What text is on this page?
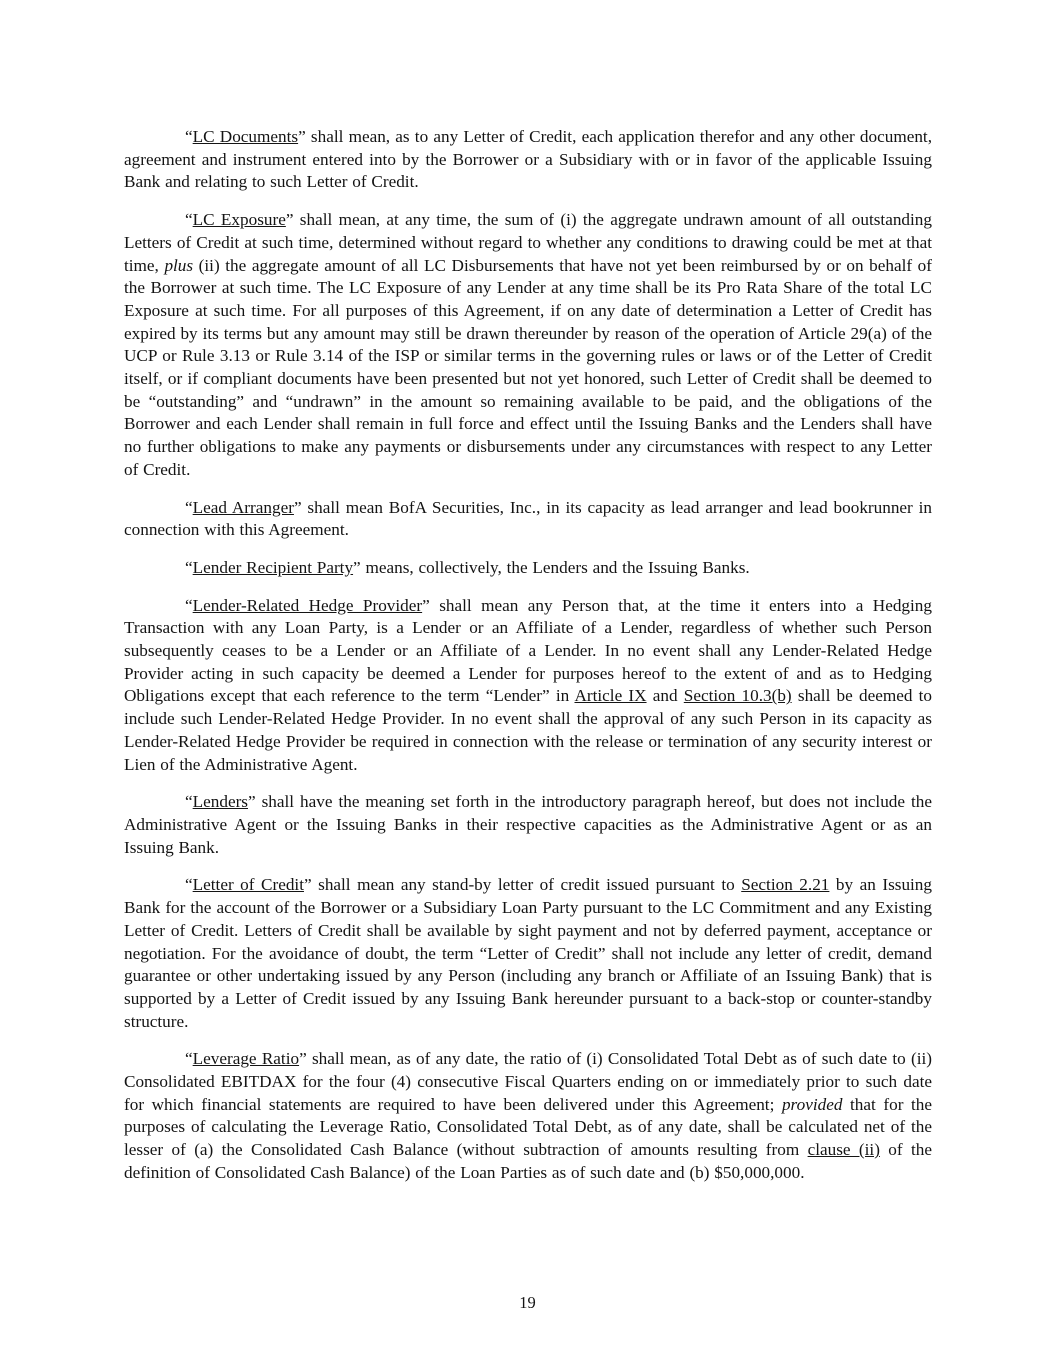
“LC Documents” shall mean, as to any Letter of Credit, each application therefor and any other document, agreement and instrument entered into by the Borrower or a Subsidiary with or in favor of the applicable Issuing Bank and relating to such Letter of Credit.

“LC Exposure” shall mean, at any time, the sum of (i) the aggregate undrawn amount of all outstanding Letters of Credit at such time, determined without regard to whether any conditions to drawing could be met at that time, plus (ii) the aggregate amount of all LC Disbursements that have not yet been reimbursed by or on behalf of the Borrower at such time. The LC Exposure of any Lender at any time shall be its Pro Rata Share of the total LC Exposure at such time. For all purposes of this Agreement, if on any date of determination a Letter of Credit has expired by its terms but any amount may still be drawn thereunder by reason of the operation of Article 29(a) of the UCP or Rule 3.13 or Rule 3.14 of the ISP or similar terms in the governing rules or laws or of the Letter of Credit itself, or if compliant documents have been presented but not yet honored, such Letter of Credit shall be deemed to be “outstanding” and “undrawn” in the amount so remaining available to be paid, and the obligations of the Borrower and each Lender shall remain in full force and effect until the Issuing Banks and the Lenders shall have no further obligations to make any payments or disbursements under any circumstances with respect to any Letter of Credit.

“Lead Arranger” shall mean BofA Securities, Inc., in its capacity as lead arranger and lead bookrunner in connection with this Agreement.

“Lender Recipient Party” means, collectively, the Lenders and the Issuing Banks.

“Lender-Related Hedge Provider” shall mean any Person that, at the time it enters into a Hedging Transaction with any Loan Party, is a Lender or an Affiliate of a Lender, regardless of whether such Person subsequently ceases to be a Lender or an Affiliate of a Lender. In no event shall any Lender-Related Hedge Provider acting in such capacity be deemed a Lender for purposes hereof to the extent of and as to Hedging Obligations except that each reference to the term “Lender” in Article IX and Section 10.3(b) shall be deemed to include such Lender-Related Hedge Provider. In no event shall the approval of any such Person in its capacity as Lender-Related Hedge Provider be required in connection with the release or termination of any security interest or Lien of the Administrative Agent.

“Lenders” shall have the meaning set forth in the introductory paragraph hereof, but does not include the Administrative Agent or the Issuing Banks in their respective capacities as the Administrative Agent or as an Issuing Bank.

“Letter of Credit” shall mean any stand-by letter of credit issued pursuant to Section 2.21 by an Issuing Bank for the account of the Borrower or a Subsidiary Loan Party pursuant to the LC Commitment and any Existing Letter of Credit. Letters of Credit shall be available by sight payment and not by deferred payment, acceptance or negotiation. For the avoidance of doubt, the term “Letter of Credit” shall not include any letter of credit, demand guarantee or other undertaking issued by any Person (including any branch or Affiliate of an Issuing Bank) that is supported by a Letter of Credit issued by any Issuing Bank hereunder pursuant to a back-stop or counter-standby structure.

“Leverage Ratio” shall mean, as of any date, the ratio of (i) Consolidated Total Debt as of such date to (ii) Consolidated EBITDAX for the four (4) consecutive Fiscal Quarters ending on or immediately prior to such date for which financial statements are required to have been delivered under this Agreement; provided that for the purposes of calculating the Leverage Ratio, Consolidated Total Debt, as of any date, shall be calculated net of the lesser of (a) the Consolidated Cash Balance (without subtraction of amounts resulting from clause (ii) of the definition of Consolidated Cash Balance) of the Loan Parties as of such date and (b) $50,000,000.

19
